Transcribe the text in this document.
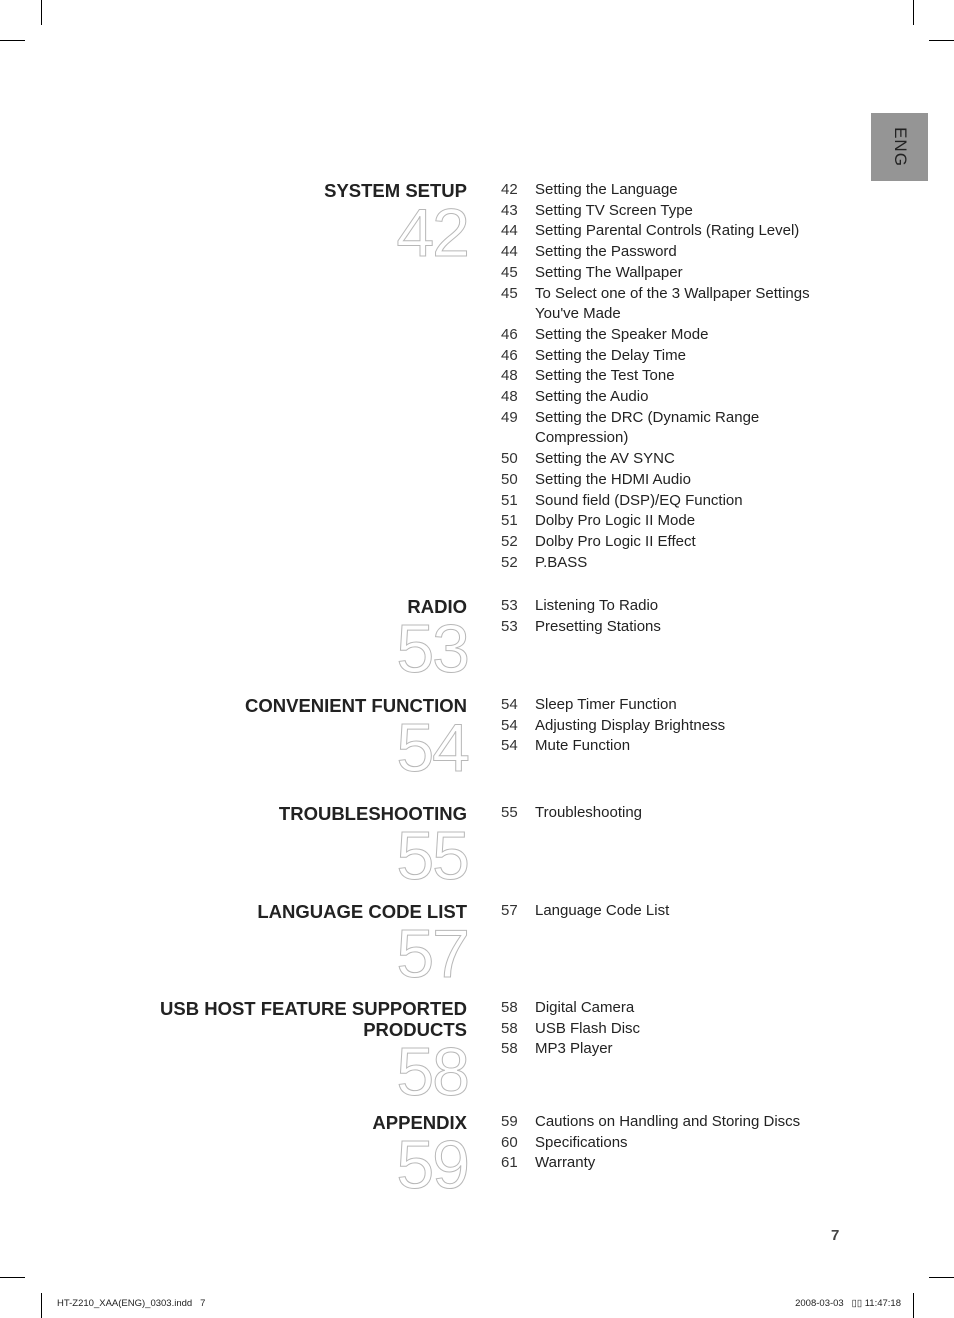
ENG
SYSTEM SETUP
42
42	Setting the Language
43	Setting TV Screen Type
44	Setting Parental Controls (Rating Level)
44	Setting the Password
45	Setting The Wallpaper
45	To Select one of the 3 Wallpaper Settings
You've Made
46	Setting the Speaker Mode
46	Setting the Delay Time
48	Setting the Test Tone
48	Setting the Audio
49	Setting the DRC (Dynamic Range
Compression)
50	Setting the AV SYNC
50	Setting the HDMI Audio
51	Sound field (DSP)/EQ Function
51	Dolby Pro Logic II Mode
52	Dolby Pro Logic II Effect
52	P.BASS
RADIO
53
53	Listening To Radio
53	Presetting Stations
CONVENIENT FUNCTION
54
54	Sleep Timer Function
54	Adjusting Display Brightness
54	Mute Function
TROUBLESHOOTING
55
55	Troubleshooting
LANGUAGE CODE LIST
57
57	Language Code List
USB HOST FEATURE SUPPORTED
PRODUCTS
58
58	Digital Camera
58	USB Flash Disc
58	MP3 Player
APPENDIX
59
59	Cautions on Handling and Storing Discs
60	Specifications
61	Warranty
7
HT-Z210_XAA(ENG)_0303.indd   7	2008-03-03   ▯▯ 11:47:18
